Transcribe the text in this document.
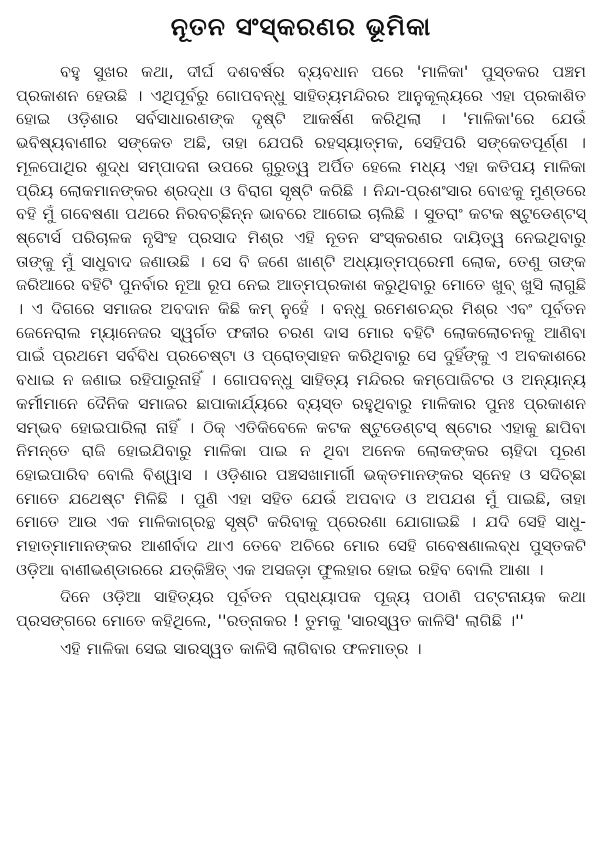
ନୂତନ ସଂସ୍କରଣର ଭୂମିକା

ବହୁ ସୁଖର କଥା, ଦୀର୍ଘ ଦଶବର୍ଷର ବ୍ୟବଧାନ ପରେ 'ମାଳିକା' ପୁସ୍ତକର ପଞ୍ଚମ ପ୍ରକାଶନ ହେଉଛି । ଏଥିପୂର୍ବରୁ ଗୋପବନ୍ଧୁ ସାହିତ୍ୟମନ୍ଦିରର ଆନୁକୂଲ୍ୟରେ ଏହା ପ୍ରକାଶିତ ହୋଇ ଓଡ଼ିଶାର ସର୍ବସାଧାରଣଙ୍କ ଦୃଷ୍ଟି ଆକର୍ଷଣ କରିଥିଲା । 'ମାଳିକା'ରେ ଯେଉଁ ଭବିଷ୍ୟବାଣୀର ସଙ୍କେତ ଅଛି, ତାହା ଯେପରି ରହସ୍ୟାତ୍ମକ, ସେହିପରି ସଙ୍କେତପୂର୍ଣ୍ଣ । ମୂଳପୋଥିର ଶୁଦ୍ଧ ସମ୍ପାଦନା ଉପରେ ଗୁରୁତ୍ୱ ଅର୍ପିତ ହେଲେ ମଧ୍ୟ ଏହା କତିପୟ ମାଳିକା ପ୍ରିୟ ଲୋକମାନଙ୍କର ଶ୍ରଦ୍ଧା ଓ ବିରାଗ ସୃଷ୍ଟି କରିଛି । ନିନ୍ଦା-ପ୍ରଶଂସାର ବୋଝକୁ ମୁଣ୍ଡରେ ବହି ମୁଁ ଗବେଷଣା ପଥରେ ନିରବଚ୍ଛିନ୍ନ ଭାବରେ ଆଗେଇ ଚାଲିଛି । ସୁତରାଂ କଟକ ଷ୍ଟୁଡେଣ୍ଟସ୍ ଷ୍ଟୋର୍ସ ପରିଚାଳକ ନୃସିଂହ ପ୍ରସାଦ ମିଶ୍ର ଏହି ନୂତନ ସଂସ୍କରଣର ଦାୟିତ୍ୱ ନେଇଥିବାରୁ ତାଙ୍କୁ ମୁଁ ସାଧୁବାଦ ଜଣାଉଛି । ସେ ବି ଜଣେ ଖାଣ୍ଟି ଅଧ୍ୟାତ୍ମପ୍ରେମୀ ଲୋକ, ତେଣୁ ତାଙ୍କ ଜରିଆରେ ବହିଟି ପୁନର୍ବାର ନୂଆ ରୂପ ନେଇ ଆତ୍ମପ୍ରକାଶ କରୁଥିବାରୁ ମୋତେ ଖୁବ୍ ଖୁସି ଲାଗୁଛି । ଏ ଦିଗରେ ସମାଜର ଅବଦାନ କିଛି କମ୍ ନୁହେଁ । ବନ୍ଧୁ ରମେଶଚନ୍ଦ୍ର ମିଶ୍ର ଏବଂ ପୂର୍ବତନ ଜେନେରାଲ ମ୍ୟାନେଜର ସ୍ୱର୍ଗତ ଫକୀର ଚରଣ ଦାସ ମୋର ବହିଟି ଲୋକଲୋଚନକୁ ଆଣିବା ପାଇଁ ପ୍ରଥମେ ସର୍ବବିଧ ପ୍ରଚେଷ୍ଟା ଓ ପ୍ରୋତ୍ସାହନ କରିଥିବାରୁ ସେ ଦୁହିଁଙ୍କୁ ଏ ଅବକାଶରେ ବଧାଇ ନ ଜଣାଇ ରହିପାରୁନାହିଁ । ଗୋପବନ୍ଧୁ ସାହିତ୍ୟ ମନ୍ଦିରର କମ୍ପୋଜିଟର ଓ ଅନ୍ୟାନ୍ୟ କର୍ମୀମାନେ ଦୈନିକ ସମାଜର ଛାପାକାର୍ଯ୍ୟରେ ବ୍ୟସ୍ତ ରହୁଥିବାରୁ ମାଳିକାର ପୁନଃ ପ୍ରକାଶନ ସମ୍ଭବ ହୋଇପାରିଲା ନାହିଁ । ଠିକ୍ ଏତିକିବେଳେ କଟକ ଷ୍ଟୁଡେଣ୍ଟସ୍ ଷ୍ଟୋର ଏହାକୁ ଛାପିବା ନିମନ୍ତେ ରାଜି ହୋଇଯିବାରୁ ମାଳିକା ପାଇ ନ ଥିବା ଅନେକ ଲୋକଙ୍କର ଚାହିଦା ପୂରଣ ହୋଇପାରିବ ବୋଲି ବିଶ୍ୱାସ । ଓଡ଼ିଶାର ପଞ୍ଚସଖାମାର୍ଗୀ ଭକ୍ତମାନଙ୍କର ସ୍ନେହ ଓ ସଦିଚ୍ଛା ମୋତେ ଯଥେଷ୍ଟ ମିଳିଛି । ପୁଣି ଏହା ସହିତ ଯେଉଁ ଅପବାଦ ଓ ଅପଯଶ ମୁଁ ପାଇଛି, ତାହା ମୋତେ ଆଉ ଏକ ମାଳିକାଗ୍ରନ୍ଥ ସୃଷ୍ଟି କରିବାକୁ ପ୍ରେରଣା ଯୋଗାଇଛି । ଯଦି ସେହି ସାଧୁ-ମହାତ୍ମାମାନଙ୍କର ଆଶୀର୍ବାଦ ଥାଏ ତେବେ ଅଚିରେ ମୋର ସେହି ଗବେଷଣାଲବ୍ଧ ପୁସ୍ତକଟି ଓଡ଼ିଆ ବାଣୀଭଣ୍ଡାରରେ ଯତ୍‌କିଞ୍ଚିତ୍ ଏକ ଅସଜଡ଼ା ଫୁଲହାର ହୋଇ ରହିବ ବୋଲି ଆଶା ।

ଦିନେ ଓଡ଼ିଆ ସାହିତ୍ୟର ପୂର୍ବତନ ପ୍ରାଧ୍ୟାପକ ପୂଜ୍ୟ ପଠାଣି ପଟ୍ଟନାୟକ କଥା ପ୍ରସଙ୍ଗରେ ମୋତେ କହିଥିଲେ, ''ରତ୍ନାକର ! ତୁମକୁ 'ସାରସ୍ୱତ କାଳିସି' ଲାଗିଛି ।''

ଏହି ମାଳିକା ସେଇ ସାରସ୍ୱତ କାଳିସି ଲାଗିବାର ଫଳମାତ୍ର ।
